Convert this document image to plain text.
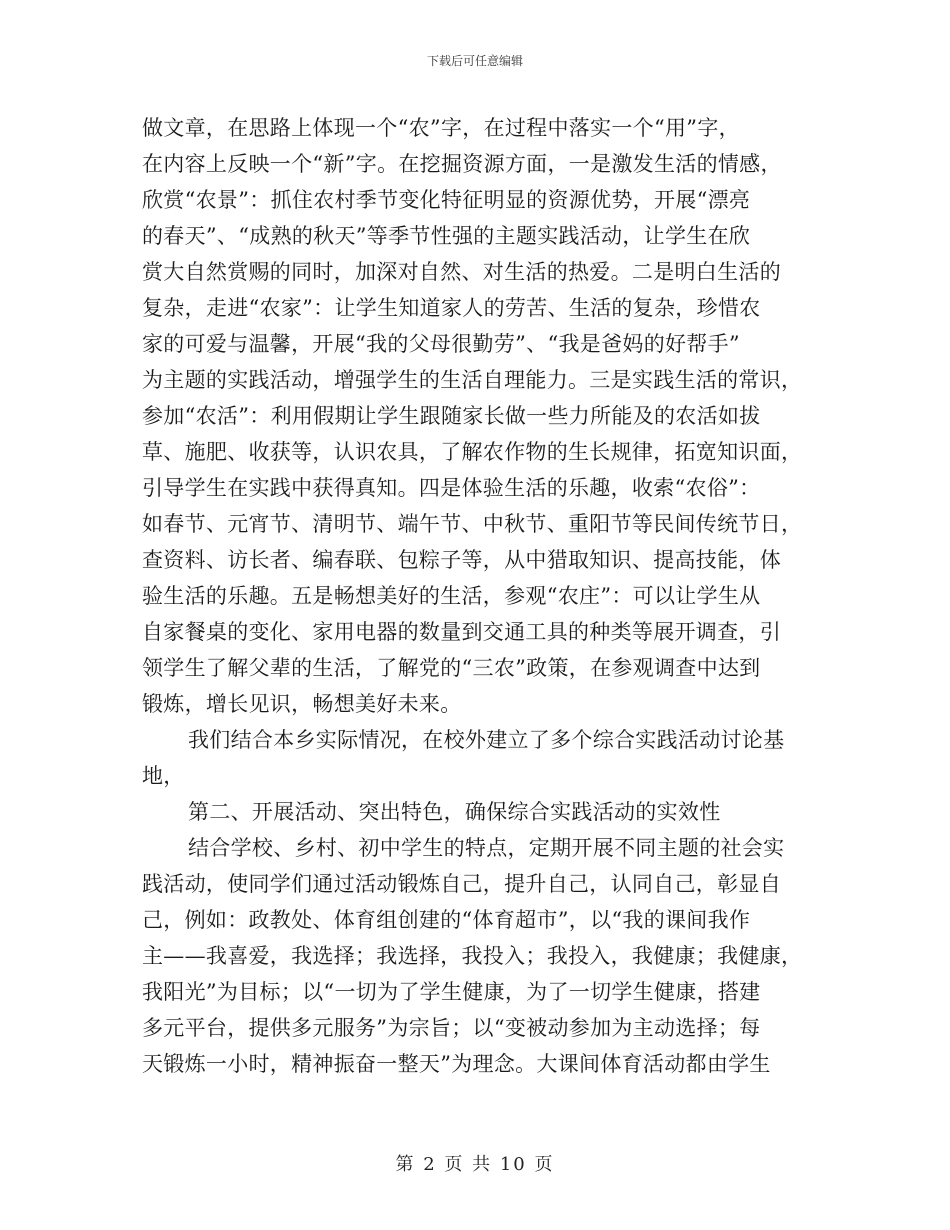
下载后可任意编辑
做文章，在思路上体现一个“农”字，在过程中落实一个“用”字，
在内容上反映一个“新”字。在挖掘资源方面，一是激发生活的情感，
欣赏“农景”：抓住农村季节变化特征明显的资源优势，开展“漂亮
的春天”、“成熟的秋天”等季节性强的主题实践活动，让学生在欣
赏大自然赏赐的同时，加深对自然、对生活的热爱。二是明白生活的
复杂，走进“农家”：让学生知道家人的劳苦、生活的复杂，珍惜农
家的可爱与温馨，开展“我的父母很勤劳”、“我是爸妈的好帮手”
为主题的实践活动，增强学生的生活自理能力。三是实践生活的常识，
参加“农活”：利用假期让学生跟随家长做一些力所能及的农活如拔
草、施肥、收获等，认识农具，了解农作物的生长规律，拓宽知识面，
引导学生在实践中获得真知。四是体验生活的乐趣，收索“农俗”：
如春节、元宵节、清明节、端午节、中秋节、重阳节等民间传统节日，
查资料、访长者、编春联、包粽子等，从中猎取知识、提高技能，体
验生活的乐趣。五是畅想美好的生活，参观“农庄”：可以让学生从
自家餐桌的变化、家用电器的数量到交通工具的种类等展开调查，引
领学生了解父辈的生活，了解党的“三农”政策，在参观调查中达到
锻炼，增长见识，畅想美好未来。
我们结合本乡实际情况，在校外建立了多个综合实践活动讨论基
地，
第二、开展活动、突出特色，确保综合实践活动的实效性
结合学校、乡村、初中学生的特点，定期开展不同主题的社会实
践活动，使同学们通过活动锻炼自己，提升自己，认同自己，彰显自
己，例如：政教处、体育组创建的“体育超市”，以“我的课间我作
主——我喜爱，我选择；我选择，我投入；我投入，我健康；我健康，
我阳光”为目标；以“一切为了学生健康，为了一切学生健康，搭建
多元平台，提供多元服务”为宗旨；以“变被动参加为主动选择；每
天锻炼一小时，精神振奋一整天”为理念。大课间体育活动都由学生
第 2 页 共 10 页
